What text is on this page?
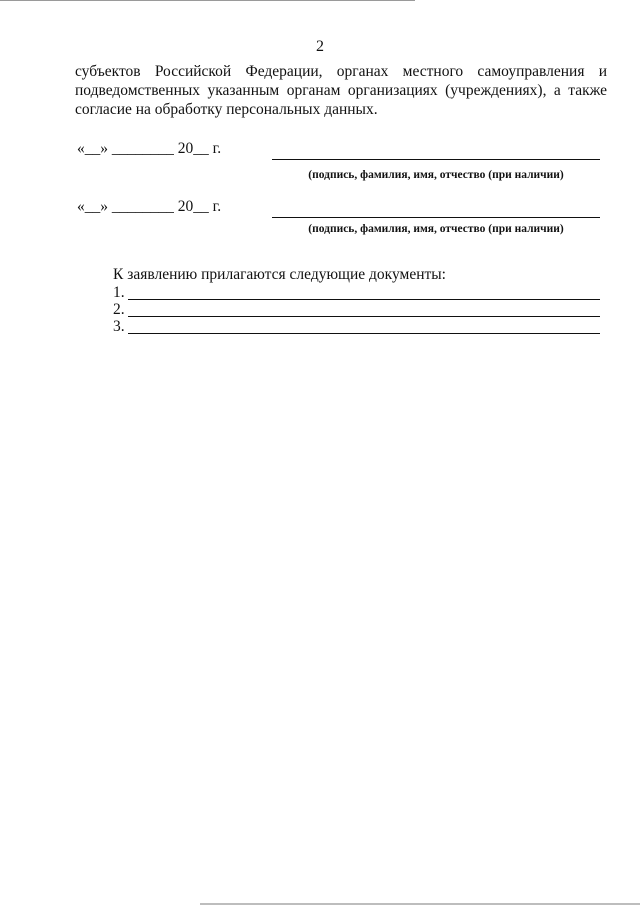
2
субъектов Российской Федерации, органах местного самоуправления и
подведомственных указанным органам организациях (учреждениях), а также
согласие на обработку персональных данных.
«__» ________ 20__ г.
(подпись, фамилия, имя, отчество (при наличии)
«__» ________ 20__ г.
(подпись, фамилия, имя, отчество (при наличии)
К заявлению прилагаются следующие документы:
1.
2.
3.
